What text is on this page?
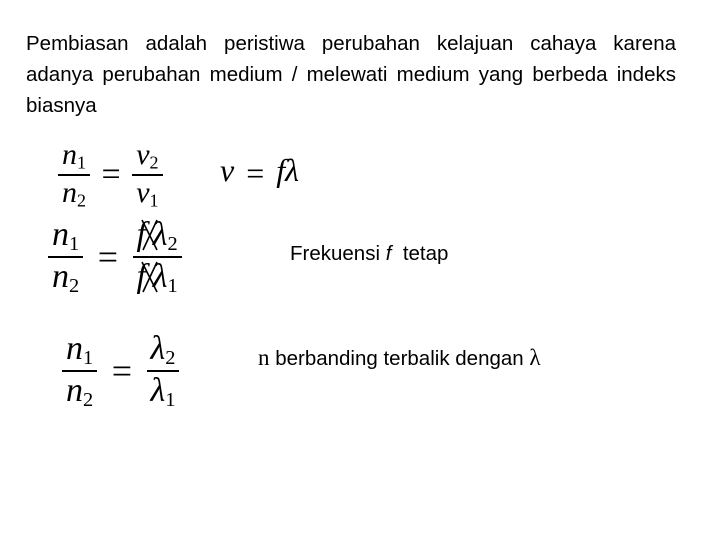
Pembiasan adalah peristiwa perubahan kelajuan cahaya karena adanya perubahan medium / melewati medium yang berbeda indeks biasnya
$\frac{n_1}{n_2} = \frac{v_2}{v_1}$ v = fλ
$\frac{n_1}{n_2} = \frac{f \lambda_2}{f \lambda_1}$	Frekuensi f  tetap
$\frac{n_1}{n_2} = \frac{\lambda_2}{\lambda_1}$	n berbanding terbalik dengan λ
